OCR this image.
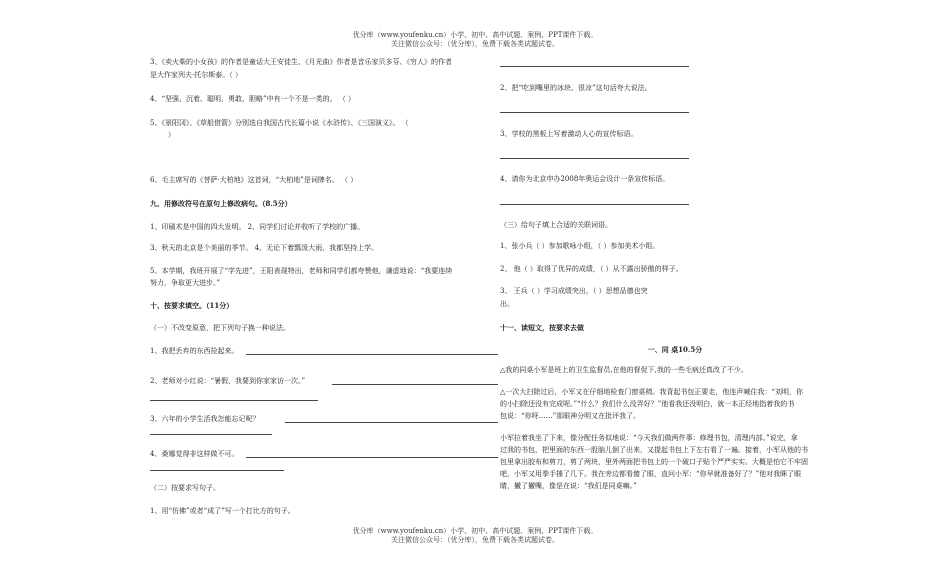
优分库（www.youfenku.cn）小学、初中、高中试题、案例、PPT课件下载。
关注微信公众号：（优分库），免费下载各类试题试卷。
3、《卖火柴的小女孩》的作者是童话大王安徒生、《月光曲》作者是音乐家贝多芬、《穷人》的作者
是大作家列夫·托尔斯泰。（ ）
4、“坚强、沉着、聪明、勇敢、胆略”中有一个不是一类的。 （ ）
5、《景阳冈》、《草船借箭》分别选自我国古代长篇小说《水浒传》、《三国演义》。 （
）
6、毛主席写的《菩萨·大柏地》这首词，“大柏地”是词牌名。 （ ）
九、用修改符号在原句上修改病句。（8.5分）
1、印刷术是中国的四大发明。 2、同学们讨论并收听了学校的广播。
3、秋天的北京是个美丽的季节。 4、无论下着瓢泼大雨，我都坚持上学。
5、本学期，我班开展了“学先进”，王阳表现特出，老师和同学们都夸赞他，谦虚地说：“我要连续
努力，争取更大进步。”
十、按要求填空。（11分）
（一）不改变原意，把下列句子换一种说法。
1、我把丢弃的东西捡起来。
2、老师对小红说：“暑假，我要到你家家访一次。”
3、六年的小学生活我怎能忘记呢？
4、桑娜觉得非这样做不可。
（二）按要求写句子。
1、用“仿佛”或者“成了”写一个打比方的句子。
2、把“吃到嘴里的冰块、很凉”这句话夸大说法。
3、学校的黑板上写着激动人心的宣传标语。
4、请你为北京申办2008年奥运会设计一条宣传标语。
（三）给句子填上合适的关联词语。
1、张小兵（ ）参加歌咏小组，（ ）参加美术小组。
2、 他（ ）取得了优异的成绩，（ ）从不露出骄傲的样子。
3、 王兵（ ）学习成绩突出，（ ）思想品德也突
出。
十一、读短文，按要求去做
一、同 桌10.5分
△我的同桌小军是班上的卫生监督员,在他的督促下,我的一些毛病还真改了不少。
△一次大扫除过后，小军又在仔细地检查门窗桌椅。我背起书包正要走，他连声喊住我：“刘明，你
的小扫除还没有完成呢。”“什么？我们什么没弄好？”他看我还没明白，就一本正经地指着我的书
包说：“你呀……”那眼神分明又在批评我了。
小军拉着我坐了下来，像分配任务似地说：“今天我们做两件事：修理书包，清理内部。”说完，拿
过我的书包，把里面的东西一股脑儿倒了出来，又提起书包上下左右看了一遍。接着，小军从他的书
包里拿出胶布和剪刀，剪了两块，里外两面把书包上的一个破口子贴个严严实实。大概是怕它不牢固
吧，小军又用拳手捶了几下。我在旁边都看傻了眼，直问小军：“你早就准备好了？”他对我眯了眼
睛，撇了撇嘴，像是在说：“我们是同桌嘛。”
优分库（www.youfenku.cn）小学、初中、高中试题、案例、PPT课件下载。
关注微信公众号：（优分库），免费下载各类试题试卷。
